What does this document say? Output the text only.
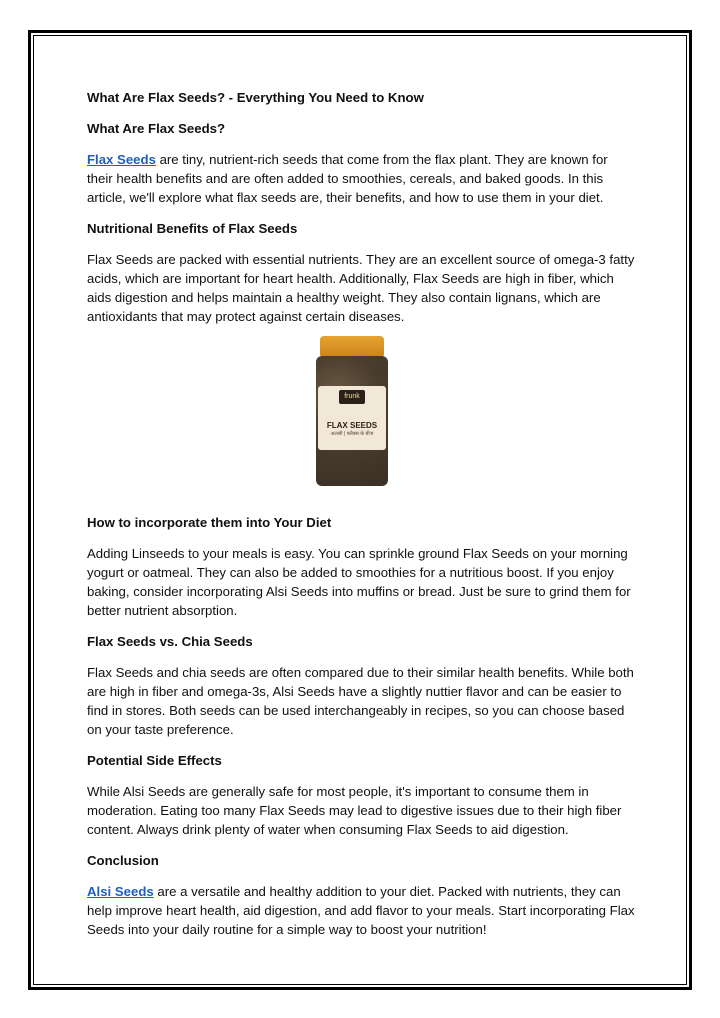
What Are Flax Seeds? - Everything You Need to Know
What Are Flax Seeds?
Flax Seeds are tiny, nutrient-rich seeds that come from the flax plant. They are known for their health benefits and are often added to smoothies, cereals, and baked goods. In this article, we'll explore what flax seeds are, their benefits, and how to use them in your diet.
Nutritional Benefits of Flax Seeds
Flax Seeds are packed with essential nutrients. They are an excellent source of omega-3 fatty acids, which are important for heart health. Additionally, Flax Seeds are high in fiber, which aids digestion and helps maintain a healthy weight. They also contain lignans, which are antioxidants that may protect against certain diseases.
frunk
FLAX SEEDS
अलसी | फ्लैक्स के बीज
How to incorporate them into Your Diet
Adding Linseeds to your meals is easy. You can sprinkle ground Flax Seeds on your morning yogurt or oatmeal. They can also be added to smoothies for a nutritious boost. If you enjoy baking, consider incorporating Alsi Seeds into muffins or bread. Just be sure to grind them for better nutrient absorption.
Flax Seeds vs. Chia Seeds
Flax Seeds and chia seeds are often compared due to their similar health benefits. While both are high in fiber and omega-3s, Alsi Seeds have a slightly nuttier flavor and can be easier to find in stores. Both seeds can be used interchangeably in recipes, so you can choose based on your taste preference.
Potential Side Effects
While Alsi Seeds are generally safe for most people, it's important to consume them in moderation. Eating too many Flax Seeds may lead to digestive issues due to their high fiber content. Always drink plenty of water when consuming Flax Seeds to aid digestion.
Conclusion
Alsi Seeds are a versatile and healthy addition to your diet. Packed with nutrients, they can help improve heart health, aid digestion, and add flavor to your meals. Start incorporating Flax Seeds into your daily routine for a simple way to boost your nutrition!
